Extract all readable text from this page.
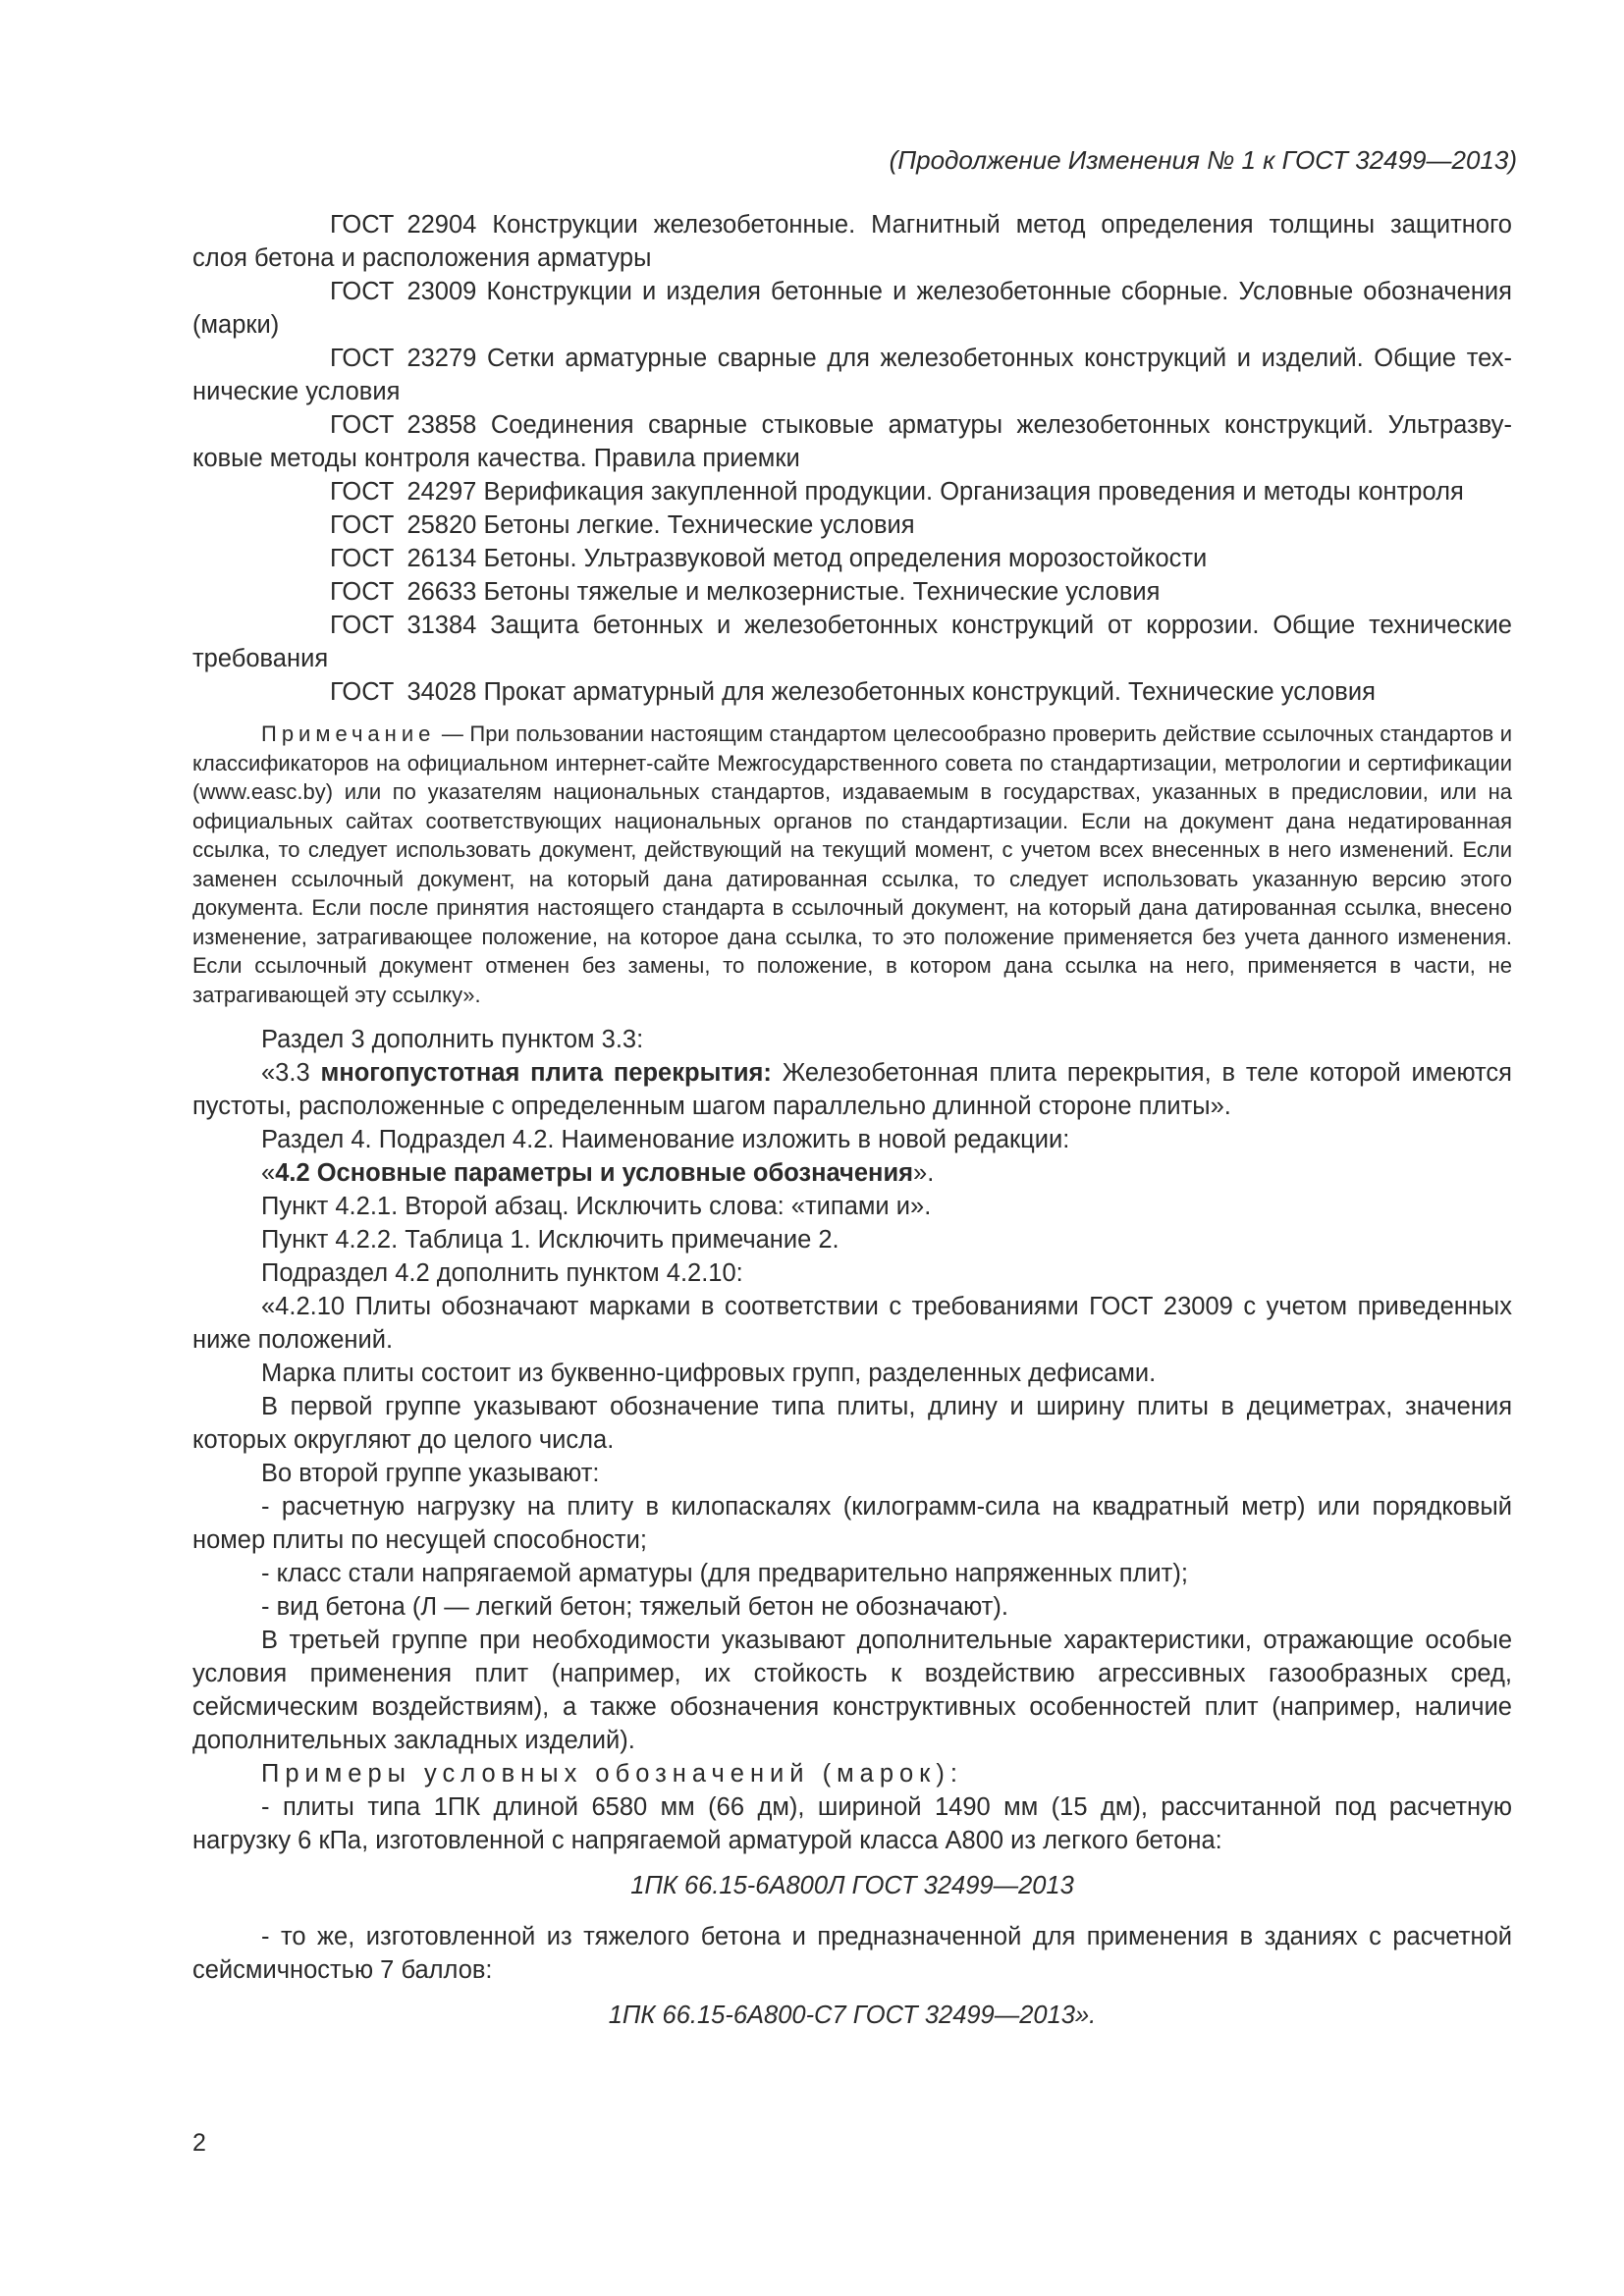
(Продолжение Изменения № 1 к ГОСТ 32499—2013)

ГОСТ 22904 Конструкции железобетонные. Магнитный метод определения толщины защитного слоя бетона и расположения арматуры

ГОСТ 23009 Конструкции и изделия бетонные и железобетонные сборные. Условные обозначения (марки)

ГОСТ 23279 Сетки арматурные сварные для железобетонных конструкций и изделий. Общие технические условия

ГОСТ 23858 Соединения сварные стыковые арматуры железобетонных конструкций. Ультразвуковые методы контроля качества. Правила приемки

ГОСТ 24297 Верификация закупленной продукции. Организация проведения и методы контроля

ГОСТ 25820 Бетоны легкие. Технические условия

ГОСТ 26134 Бетоны. Ультразвуковой метод определения морозостойкости

ГОСТ 26633 Бетоны тяжелые и мелкозернистые. Технические условия

ГОСТ 31384 Защита бетонных и железобетонных конструкций от коррозии. Общие технические требования

ГОСТ 34028 Прокат арматурный для железобетонных конструкций. Технические условия

Примечание — При пользовании настоящим стандартом целесообразно проверить действие ссылочных стандартов и классификаторов на официальном интернет-сайте Межгосударственного совета по стандартизации, метрологии и сертификации (www.easc.by) или по указателям национальных стандартов, издаваемым в государствах, указанных в предисловии, или на официальных сайтах соответствующих национальных органов по стандартизации. Если на документ дана недатированная ссылка, то следует использовать документ, действующий на текущий момент, с учетом всех внесенных в него изменений. Если заменен ссылочный документ, на который дана датированная ссылка, то следует использовать указанную версию этого документа. Если после принятия настоящего стандарта в ссылочный документ, на который дана датированная ссылка, внесено изменение, затрагивающее положение, на которое дана ссылка, то это положение применяется без учета данного изменения. Если ссылочный документ отменен без замены, то положение, в котором дана ссылка на него, применяется в части, не затрагивающей эту ссылку».

Раздел 3 дополнить пунктом 3.3:

«3.3 многопустотная плита перекрытия: Железобетонная плита перекрытия, в теле которой имеются пустоты, расположенные с определенным шагом параллельно длинной стороне плиты».

Раздел 4. Подраздел 4.2. Наименование изложить в новой редакции:

«4.2 Основные параметры и условные обозначения».

Пункт 4.2.1. Второй абзац. Исключить слова: «типами и».

Пункт 4.2.2. Таблица 1. Исключить примечание 2.

Подраздел 4.2 дополнить пунктом 4.2.10:

«4.2.10 Плиты обозначают марками в соответствии с требованиями ГОСТ 23009 с учетом приведенных ниже положений.

Марка плиты состоит из буквенно-цифровых групп, разделенных дефисами.

В первой группе указывают обозначение типа плиты, длину и ширину плиты в дециметрах, значения которых округляют до целого числа.

Во второй группе указывают:

- расчетную нагрузку на плиту в килопаскалях (килограмм-сила на квадратный метр) или порядковый номер плиты по несущей способности;

- класс стали напрягаемой арматуры (для предварительно напряженных плит);

- вид бетона (Л — легкий бетон; тяжелый бетон не обозначают).

В третьей группе при необходимости указывают дополнительные характеристики, отражающие особые условия применения плит (например, их стойкость к воздействию агрессивных газообразных сред, сейсмическим воздействиям), а также обозначения конструктивных особенностей плит (например, наличие дополнительных закладных изделий).

Примеры условных обозначений (марок):

- плиты типа 1ПК длиной 6580 мм (66 дм), шириной 1490 мм (15 дм), рассчитанной под расчетную нагрузку 6 кПа, изготовленной с напрягаемой арматурой класса А800 из легкого бетона:

1ПК 66.15-6А800Л ГОСТ 32499—2013

- то же, изготовленной из тяжелого бетона и предназначенной для применения в зданиях с расчетной сейсмичностью 7 баллов:

1ПК 66.15-6А800-С7 ГОСТ 32499—2013».

2
